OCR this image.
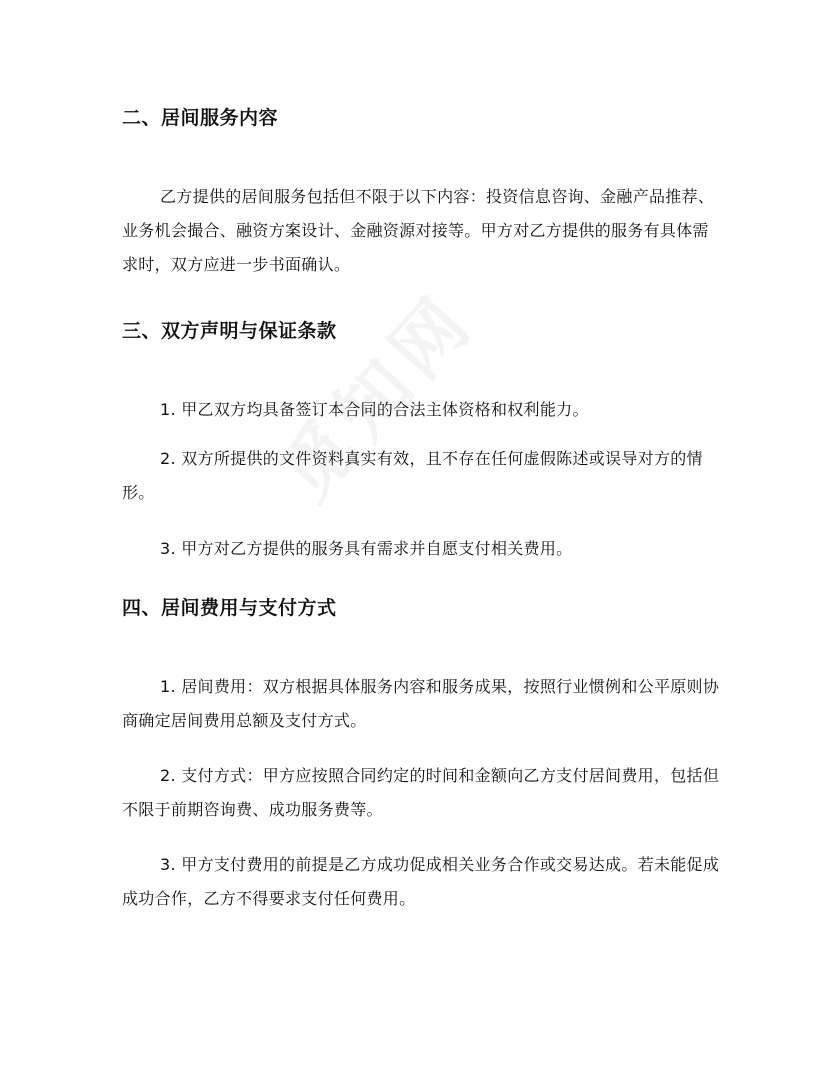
二、居间服务内容

乙方提供的居间服务包括但不限于以下内容：投资信息咨询、金融产品推荐、业务机会撮合、融资方案设计、金融资源对接等。甲方对乙方提供的服务有具体需求时，双方应进一步书面确认。

三、双方声明与保证条款

1. 甲乙双方均具备签订本合同的合法主体资格和权利能力。

2. 双方所提供的文件资料真实有效，且不存在任何虚假陈述或误导对方的情形。

3. 甲方对乙方提供的服务具有需求并自愿支付相关费用。

四、居间费用与支付方式

1. 居间费用：双方根据具体服务内容和服务成果，按照行业惯例和公平原则协商确定居间费用总额及支付方式。

2. 支付方式：甲方应按照合同约定的时间和金额向乙方支付居间费用，包括但不限于前期咨询费、成功服务费等。

3. 甲方支付费用的前提是乙方成功促成相关业务合作或交易达成。若未能促成成功合作，乙方不得要求支付任何费用。
